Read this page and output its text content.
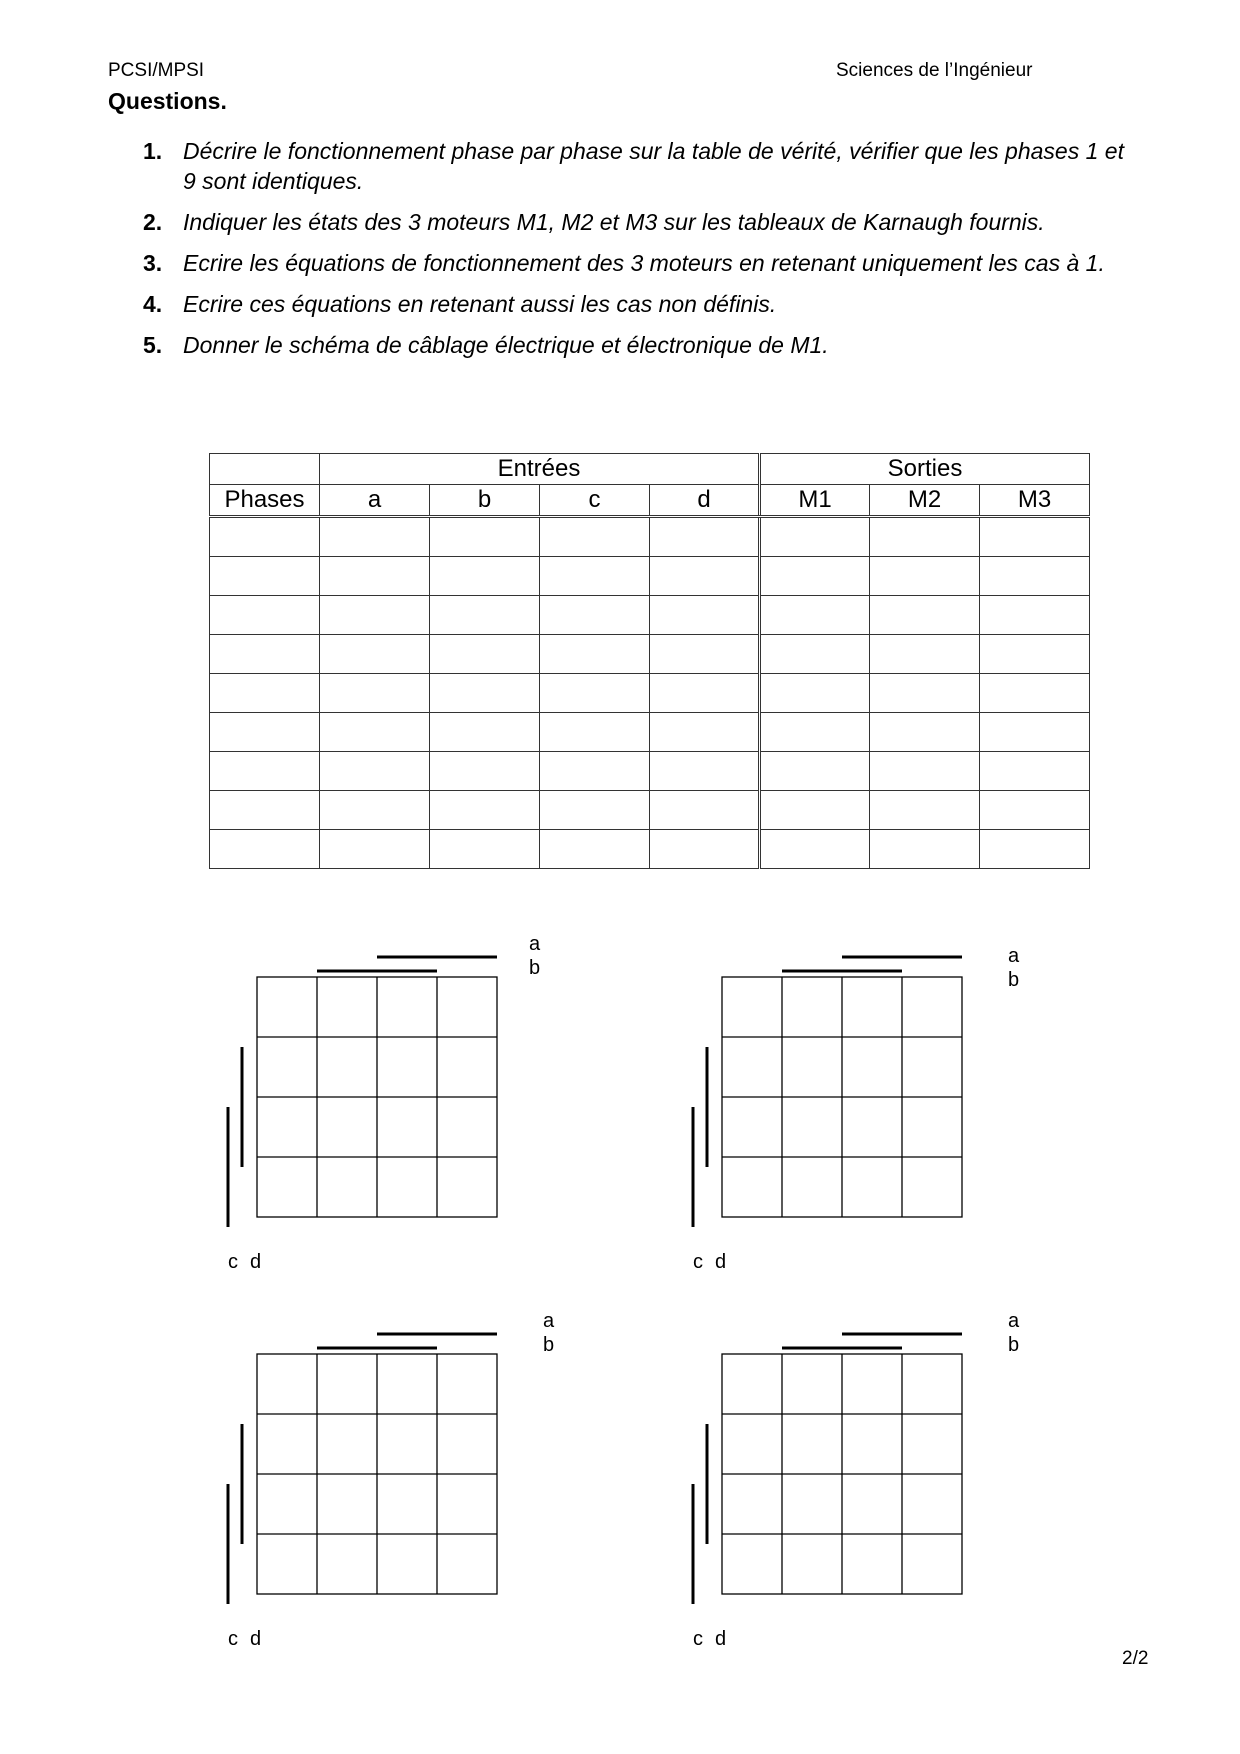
PCSI/MPSI	Sciences de l’Ingénieur
Questions.
1. Décrire le fonctionnement phase par phase sur la table de vérité, vérifier que les phases 1 et 9 sont identiques.
2. Indiquer les états des 3 moteurs M1, M2 et M3 sur les tableaux de Karnaugh fournis.
3. Ecrire les équations de fonctionnement des 3 moteurs en retenant uniquement les cas à 1.
4. Ecrire ces équations en retenant aussi les cas non définis.
5. Donner le schéma de câblage électrique et électronique de M1.
	Entrées				Sorties		
Phases	a	b	c	d	M1	M2	M3

a
b
c d
a
b
c d
a
b
c d
a
b
c d
2/2
